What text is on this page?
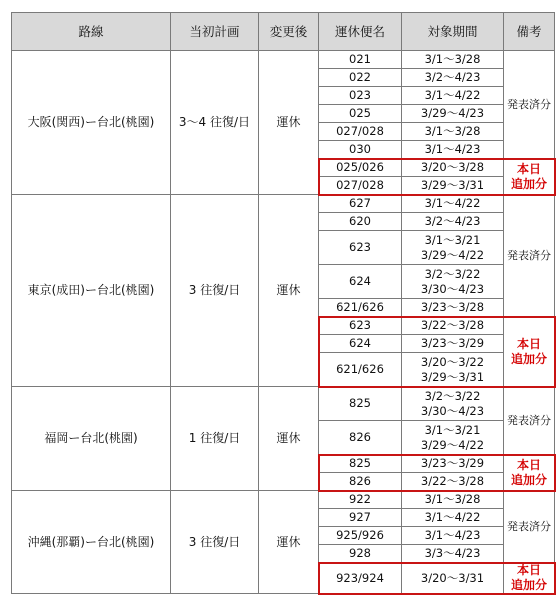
路線	当初計画	変更後	運休便名	対象期間	備考
大阪(関西)ー台北(桃園)	3〜4 往復/日	運休	021	3/1〜3/28	発表済分
			022	3/2〜4/23	

			023	3/1〜4/22	

			025	3/29〜4/23	

			027/028	3/1〜3/28	

			030	3/1〜4/23	

			025/026	3/20〜3/28	本日
追加分

			027/028	3/29〜3/31	

東京(成田)ー台北(桃園)	3 往復/日	運休	627	3/1〜4/22	発表済分
			620	3/2〜4/23	

			623	3/1〜3/21
3/29〜4/22	

			624	3/2〜3/22
3/30〜4/23	

			621/626	3/23〜3/28	

			623	3/22〜3/28	本日
追加分

			624	3/23〜3/29	

			621/626	3/20〜3/22
3/29〜3/31	

福岡ー台北(桃園)	1 往復/日	運休	825	3/2〜3/22
3/30〜4/23	発表済分
			826	3/1〜3/21
3/29〜4/22	

			825	3/23〜3/29	本日
追加分

			826	3/22〜3/28	

沖縄(那覇)ー台北(桃園)	3 往復/日	運休	922	3/1〜3/28	発表済分
			927	3/1〜4/22	

			925/926	3/1〜4/23	

			928	3/3〜4/23	

			923/924	3/20〜3/31	本日
追加分
